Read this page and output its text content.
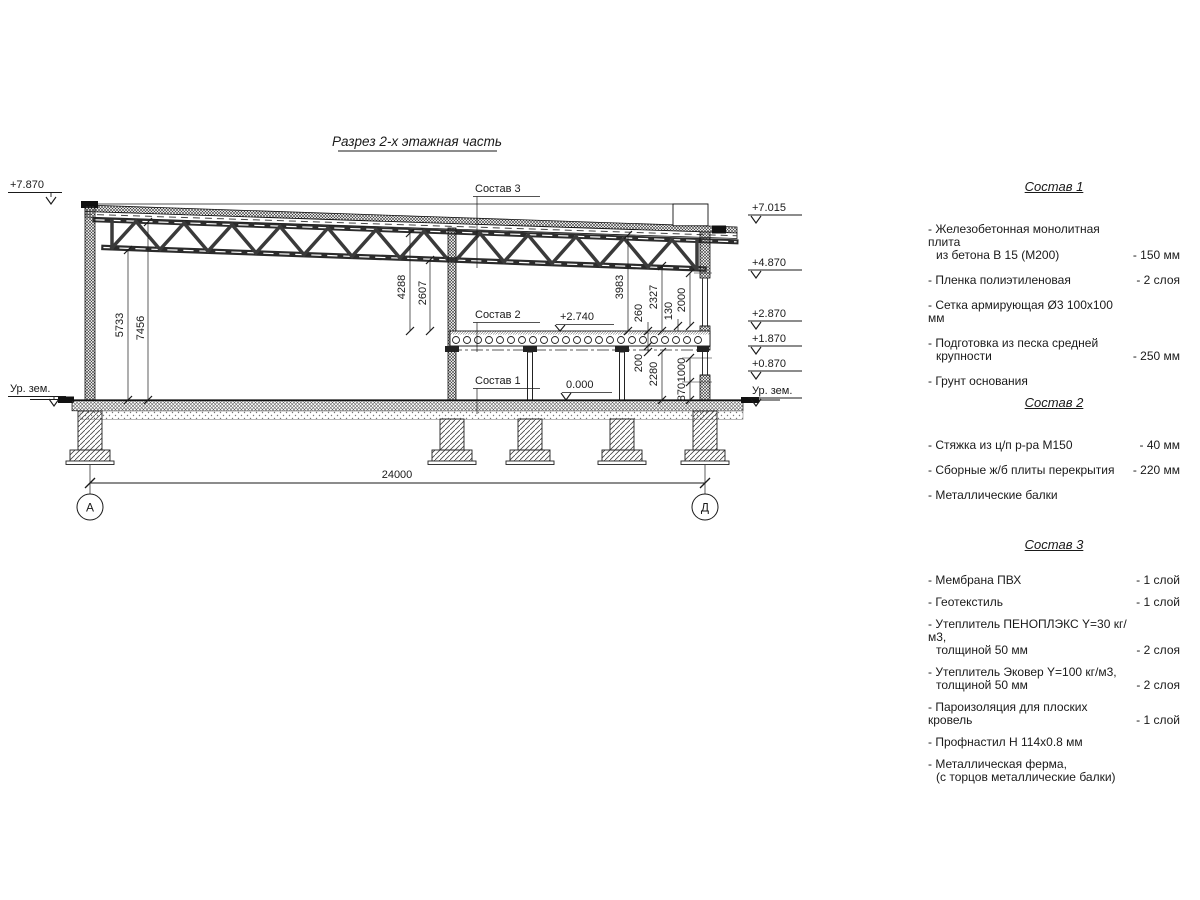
Разрез 2-х этажная часть
24000
А	Д
5733 7456
4288 2607	3983 2327 2000
130
260
200 2280 1000
870
+7.870
Ур. зем.
+7.015
+4.870
+2.870
+1.870
+0.870
Ур. зем.
Состав 3
Состав 2
Состав 1
+2.740
0.000
Состав 1
- Железобетонная монолитная плита
из бетона В 15 (М200)	- 150 мм
- Пленка полиэтиленовая	- 2 слоя
- Сетка армирующая Ø3 100х100 мм
- Подготовка из песка средней
крупности	- 250 мм
- Грунт основания
Состав 2
- Стяжка из ц/п р-ра М150	- 40 мм
- Сборные ж/б плиты перекрытия	- 220 мм
- Металлические балки
Состав 3
- Мембрана ПВХ	- 1 слой
- Геотекстиль	- 1 слой
- Утеплитель ПЕНОПЛЭКС Y=30 кг/м3,
толщиной 50 мм	- 2 слоя
- Утеплитель Эковер Y=100 кг/м3,
толщиной 50 мм	- 2 слоя
- Пароизоляция для плоских кровель	- 1 слой
- Профнастил Н 114х0.8 мм
- Металлическая ферма,
(с торцов металлические балки)
